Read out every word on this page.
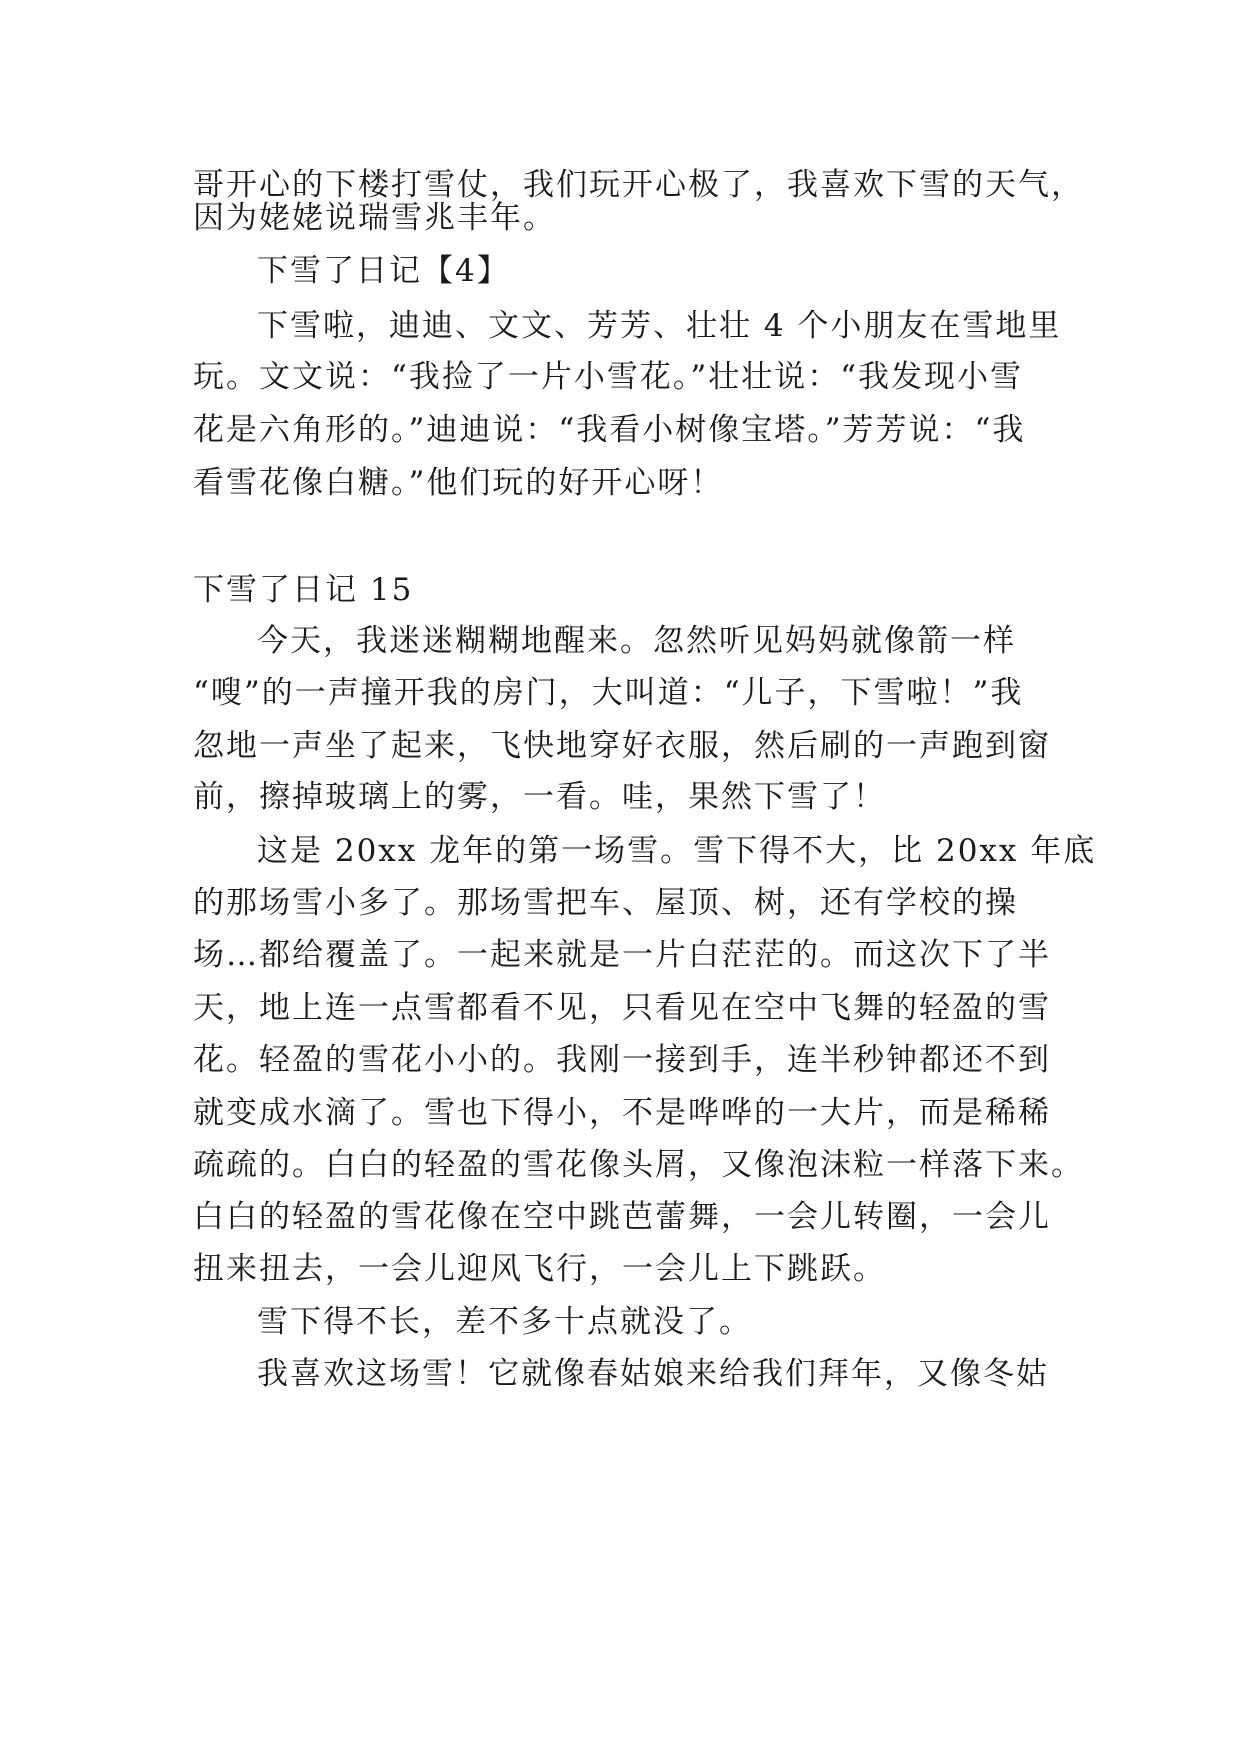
哥开心的下楼打雪仗，我们玩开心极了，我喜欢下雪的天气，
因为姥姥说瑞雪兆丰年。
下雪了日记【4】
下雪啦，迪迪、文文、芳芳、壮壮 4 个小朋友在雪地里
玩。文文说：“我捡了一片小雪花。”壮壮说：“我发现小雪
花是六角形的。”迪迪说：“我看小树像宝塔。”芳芳说：“我
看雪花像白糖。”他们玩的好开心呀！
下雪了日记 15
今天，我迷迷糊糊地醒来。忽然听见妈妈就像箭一样
“嗖”的一声撞开我的房门，大叫道：“儿子，下雪啦！”我
忽地一声坐了起来，飞快地穿好衣服，然后刷的一声跑到窗
前，擦掉玻璃上的雾，一看。哇，果然下雪了！
这是 20xx 龙年的第一场雪。雪下得不大，比 20xx 年底
的那场雪小多了。那场雪把车、屋顶、树，还有学校的操
场…都给覆盖了。一起来就是一片白茫茫的。而这次下了半
天，地上连一点雪都看不见，只看见在空中飞舞的轻盈的雪
花。轻盈的雪花小小的。我刚一接到手，连半秒钟都还不到
就变成水滴了。雪也下得小，不是哗哗的一大片，而是稀稀
疏疏的。白白的轻盈的雪花像头屑，又像泡沫粒一样落下来。
白白的轻盈的雪花像在空中跳芭蕾舞，一会儿转圈，一会儿
扭来扭去，一会儿迎风飞行，一会儿上下跳跃。
雪下得不长，差不多十点就没了。
我喜欢这场雪！它就像春姑娘来给我们拜年，又像冬姑
